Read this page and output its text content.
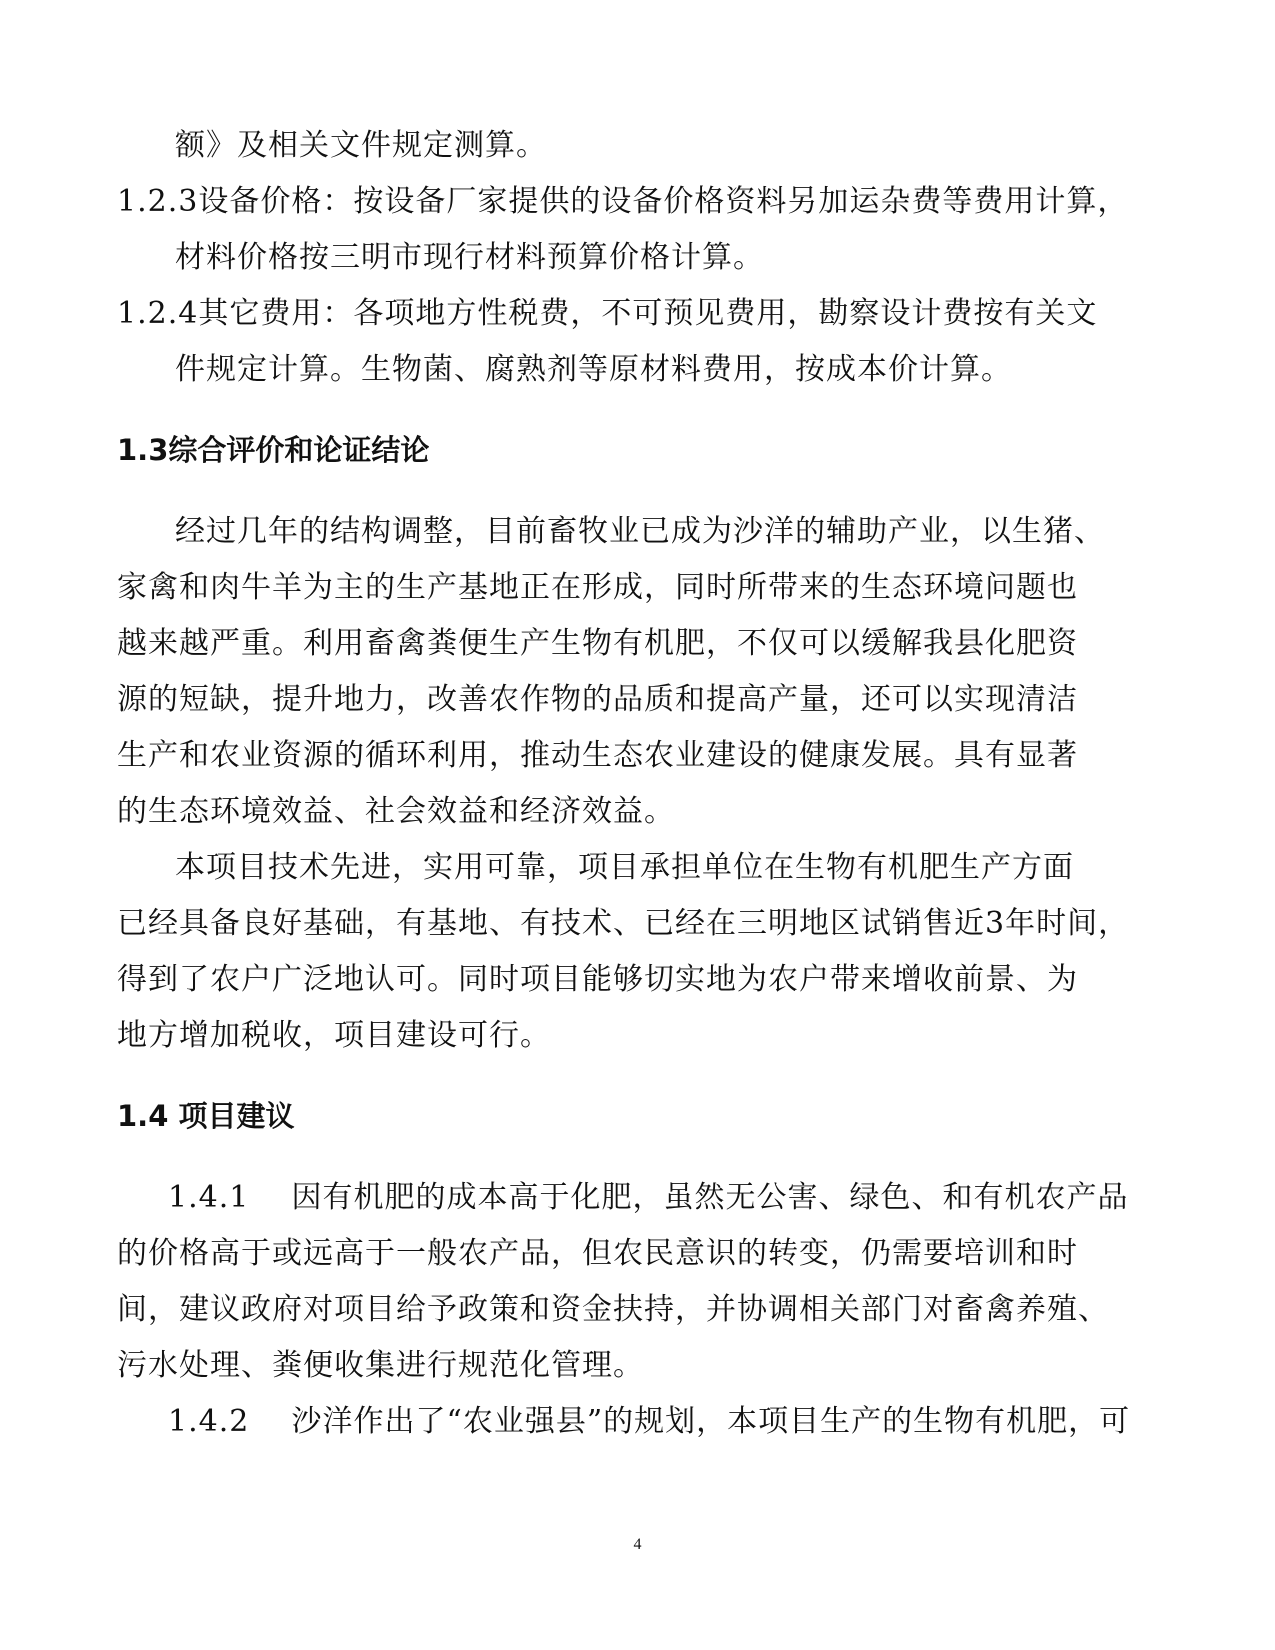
额》及相关文件规定测算。
1.2.3设备价格：按设备厂家提供的设备价格资料另加运杂费等费用计算，
材料价格按三明市现行材料预算价格计算。
1.2.4其它费用：各项地方性税费，不可预见费用，勘察设计费按有关文
件规定计算。生物菌、腐熟剂等原材料费用，按成本价计算。
1.3综合评价和论证结论
经过几年的结构调整，目前畜牧业已成为沙洋的辅助产业，以生猪、
家禽和肉牛羊为主的生产基地正在形成，同时所带来的生态环境问题也
越来越严重。利用畜禽粪便生产生物有机肥，不仅可以缓解我县化肥资
源的短缺，提升地力，改善农作物的品质和提高产量，还可以实现清洁
生产和农业资源的循环利用，推动生态农业建设的健康发展。具有显著
的生态环境效益、社会效益和经济效益。
本项目技术先进，实用可靠，项目承担单位在生物有机肥生产方面
已经具备良好基础，有基地、有技术、已经在三明地区试销售近3年时间，
得到了农户广泛地认可。同时项目能够切实地为农户带来增收前景、为
地方增加税收，项目建设可行。
1.4 项目建议
1.4.1    因有机肥的成本高于化肥，虽然无公害、绿色、和有机农产品
的价格高于或远高于一般农产品，但农民意识的转变，仍需要培训和时
间，建议政府对项目给予政策和资金扶持，并协调相关部门对畜禽养殖、
污水处理、粪便收集进行规范化管理。
1.4.2    沙洋作出了“农业强县”的规划，本项目生产的生物有机肥，可
4
